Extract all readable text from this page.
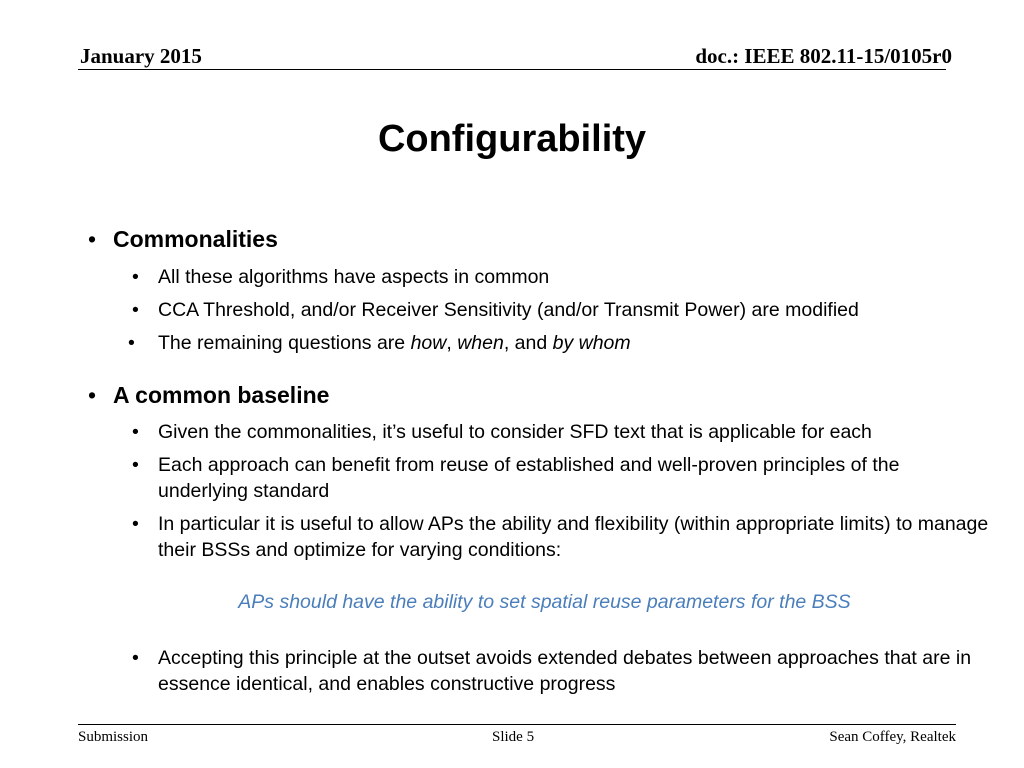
January 2015	doc.: IEEE 802.11-15/0105r0
Configurability
• Commonalities
• All these algorithms have aspects in common
• CCA Threshold, and/or Receiver Sensitivity (and/or Transmit Power) are modified
•	The remaining questions are how, when, and by whom
• A common baseline
• Given the commonalities, it’s useful to consider SFD text that is applicable for each
• Each approach can benefit from reuse of established and well-proven principles of the underlying standard
• In particular it is useful to allow APs the ability and flexibility (within appropriate limits) to manage their BSSs and optimize for varying conditions:
APs should have the ability to set spatial reuse parameters for the BSS
• Accepting this principle at the outset avoids extended debates between approaches that are in essence identical, and enables constructive progress
Submission	Slide 5	Sean Coffey, Realtek
